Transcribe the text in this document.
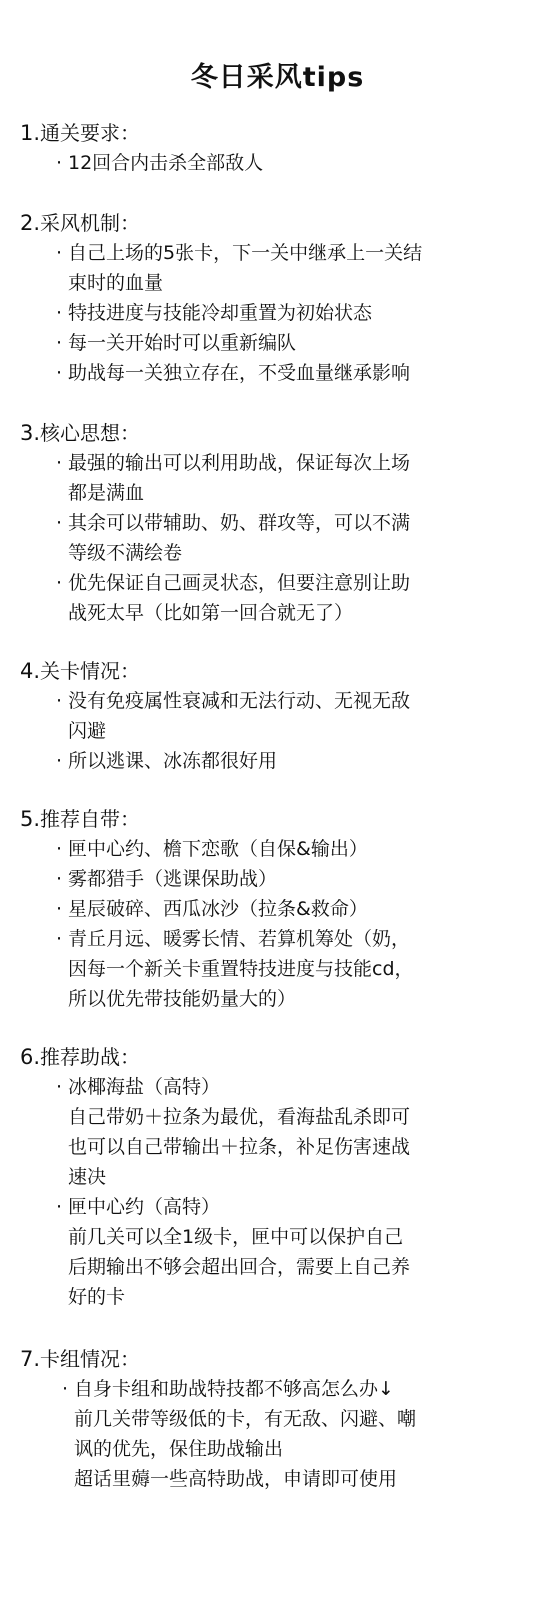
冬日采风tips
1.通关要求：
· 12回合内击杀全部敌人
2.采风机制：
· 自己上场的5张卡，下一关中继承上一关结
束时的血量
· 特技进度与技能冷却重置为初始状态
· 每一关开始时可以重新编队
· 助战每一关独立存在，不受血量继承影响
3.核心思想：
· 最强的输出可以利用助战，保证每次上场
都是满血
· 其余可以带辅助、奶、群攻等，可以不满
等级不满绘卷
· 优先保证自己画灵状态，但要注意别让助
战死太早（比如第一回合就无了）
4.关卡情况：
· 没有免疫属性衰减和无法行动、无视无敌
闪避
· 所以逃课、冰冻都很好用
5.推荐自带：
· 匣中心约、檐下恋歌（自保&输出）
· 雾都猎手（逃课保助战）
· 星辰破碎、西瓜冰沙（拉条&救命）
· 青丘月远、暖雾长情、若算机筹处（奶，
因每一个新关卡重置特技进度与技能cd，
所以优先带技能奶量大的）
6.推荐助战：
· 冰椰海盐（高特）
自己带奶＋拉条为最优，看海盐乱杀即可
也可以自己带输出＋拉条，补足伤害速战
速决
· 匣中心约（高特）
前几关可以全1级卡，匣中可以保护自己
后期输出不够会超出回合，需要上自己养
好的卡
7.卡组情况：
· 自身卡组和助战特技都不够高怎么办↓
前几关带等级低的卡，有无敌、闪避、嘲
讽的优先，保住助战输出
超话里薅一些高特助战，申请即可使用
